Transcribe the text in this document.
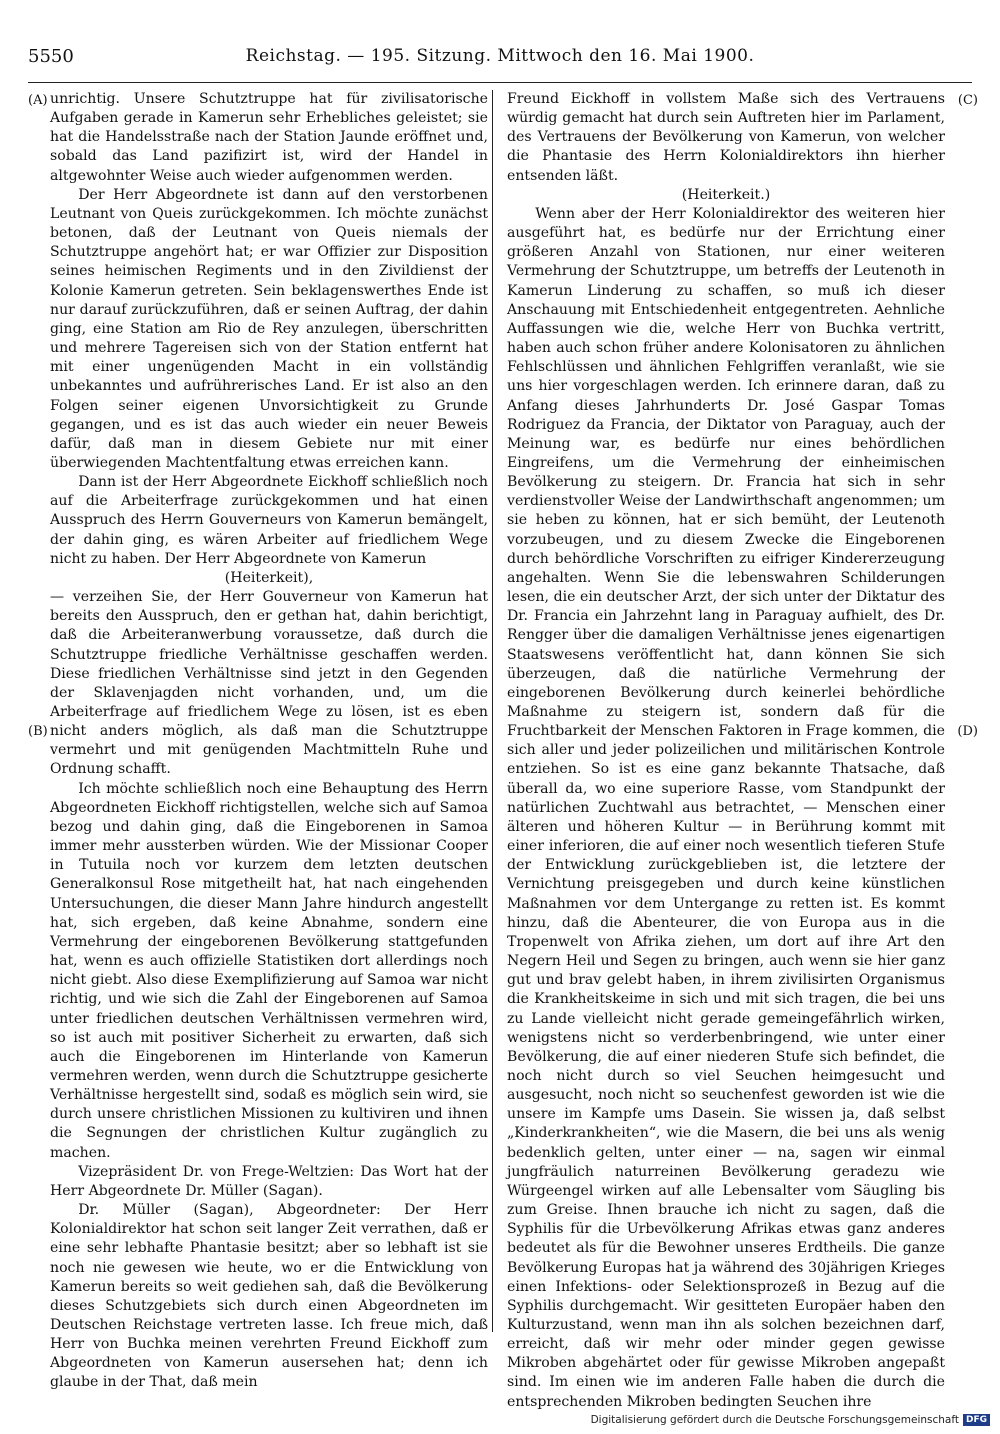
5550	Reichstag. — 195. Sitzung. Mittwoch den 16. Mai 1900.
(A)
(B)
(C)
(D)

unrichtig. Unsere Schutztruppe hat für zivilisatorische Aufgaben gerade in Kamerun sehr Erhebliches geleistet; sie hat die Handelsstraße nach der Station Jaunde eröffnet und, sobald das Land pazifizirt ist, wird der Handel in altgewohnter Weise auch wieder aufgenommen werden.

Der Herr Abgeordnete ist dann auf den verstorbenen Leutnant von Queis zurückgekommen. Ich möchte zunächst betonen, daß der Leutnant von Queis niemals der Schutztruppe angehört hat; er war Offizier zur Disposition seines heimischen Regiments und in den Zivildienst der Kolonie Kamerun getreten. Sein beklagenswerthes Ende ist nur darauf zurückzuführen, daß er seinen Auftrag, der dahin ging, eine Station am Rio de Rey anzulegen, überschritten und mehrere Tagereisen sich von der Station entfernt hat mit einer ungenügenden Macht in ein vollständig unbekanntes und aufrührerisches Land. Er ist also an den Folgen seiner eigenen Unvorsichtigkeit zu Grunde gegangen, und es ist das auch wieder ein neuer Beweis dafür, daß man in diesem Gebiete nur mit einer überwiegenden Machtentfaltung etwas erreichen kann.

Dann ist der Herr Abgeordnete Eickhoff schließlich noch auf die Arbeiterfrage zurückgekommen und hat einen Ausspruch des Herrn Gouverneurs von Kamerun bemängelt, der dahin ging, es wären Arbeiter auf friedlichem Wege nicht zu haben. Der Herr Abgeordnete von Kamerun

(Heiterkeit),

— verzeihen Sie, der Herr Gouverneur von Kamerun hat bereits den Ausspruch, den er gethan hat, dahin berichtigt, daß die Arbeiteranwerbung voraussetze, daß durch die Schutztruppe friedliche Verhältnisse geschaffen werden. Diese friedlichen Verhältnisse sind jetzt in den Gegenden der Sklavenjagden nicht vorhanden, und, um die Arbeiterfrage auf friedlichem Wege zu lösen, ist es eben nicht anders möglich, als daß man die Schutztruppe vermehrt und mit genügenden Machtmitteln Ruhe und Ordnung schafft.

Ich möchte schließlich noch eine Behauptung des Herrn Abgeordneten Eickhoff richtigstellen, welche sich auf Samoa bezog und dahin ging, daß die Eingeborenen in Samoa immer mehr aussterben würden. Wie der Missionar Cooper in Tutuila noch vor kurzem dem letzten deutschen Generalkonsul Rose mitgetheilt hat, hat nach eingehenden Untersuchungen, die dieser Mann Jahre hindurch angestellt hat, sich ergeben, daß keine Abnahme, sondern eine Vermehrung der eingeborenen Bevölkerung stattgefunden hat, wenn es auch offizielle Statistiken dort allerdings noch nicht giebt. Also diese Exemplifizierung auf Samoa war nicht richtig, und wie sich die Zahl der Eingeborenen auf Samoa unter friedlichen deutschen Verhältnissen vermehren wird, so ist auch mit positiver Sicherheit zu erwarten, daß sich auch die Eingeborenen im Hinterlande von Kamerun vermehren werden, wenn durch die Schutztruppe gesicherte Verhältnisse hergestellt sind, sodaß es möglich sein wird, sie durch unsere christlichen Missionen zu kultiviren und ihnen die Segnungen der christlichen Kultur zugänglich zu machen.

Vizepräsident Dr. von Frege-Weltzien: Das Wort hat der Herr Abgeordnete Dr. Müller (Sagan).

Dr. Müller (Sagan), Abgeordneter: Der Herr Kolonialdirektor hat schon seit langer Zeit verrathen, daß er eine sehr lebhafte Phantasie besitzt; aber so lebhaft ist sie noch nie gewesen wie heute, wo er die Entwicklung von Kamerun bereits so weit gediehen sah, daß die Bevölkerung dieses Schutzgebiets sich durch einen Abgeordneten im Deutschen Reichstage vertreten lasse. Ich freue mich, daß Herr von Buchka meinen verehrten Freund Eickhoff zum Abgeordneten von Kamerun ausersehen hat; denn ich glaube in der That, daß mein

Freund Eickhoff in vollstem Maße sich des Vertrauens würdig gemacht hat durch sein Auftreten hier im Parlament, des Vertrauens der Bevölkerung von Kamerun, von welcher die Phantasie des Herrn Kolonialdirektors ihn hierher entsenden läßt.

(Heiterkeit.)

Wenn aber der Herr Kolonialdirektor des weiteren hier ausgeführt hat, es bedürfe nur der Errichtung einer größeren Anzahl von Stationen, nur einer weiteren Vermehrung der Schutztruppe, um betreffs der Leutenoth in Kamerun Linderung zu schaffen, so muß ich dieser Anschauung mit Entschiedenheit entgegentreten. Aehnliche Auffassungen wie die, welche Herr von Buchka vertritt, haben auch schon früher andere Kolonisatoren zu ähnlichen Fehlschlüssen und ähnlichen Fehlgriffen veranlaßt, wie sie uns hier vorgeschlagen werden. Ich erinnere daran, daß zu Anfang dieses Jahrhunderts Dr. José Gaspar Tomas Rodriguez da Francia, der Diktator von Paraguay, auch der Meinung war, es bedürfe nur eines behördlichen Eingreifens, um die Vermehrung der einheimischen Bevölkerung zu steigern. Dr. Francia hat sich in sehr verdienstvoller Weise der Landwirthschaft angenommen; um sie heben zu können, hat er sich bemüht, der Leutenoth vorzubeugen, und zu diesem Zwecke die Eingeborenen durch behördliche Vorschriften zu eifriger Kindererzeugung angehalten. Wenn Sie die lebenswahren Schilderungen lesen, die ein deutscher Arzt, der sich unter der Diktatur des Dr. Francia ein Jahrzehnt lang in Paraguay aufhielt, des Dr. Rengger über die damaligen Verhältnisse jenes eigenartigen Staatswesens veröffentlicht hat, dann können Sie sich überzeugen, daß die natürliche Vermehrung der eingeborenen Bevölkerung durch keinerlei behördliche Maßnahme zu steigern ist, sondern daß für die Fruchtbarkeit der Menschen Faktoren in Frage kommen, die sich aller und jeder polizeilichen und militärischen Kontrole entziehen. So ist es eine ganz bekannte Thatsache, daß überall da, wo eine superiore Rasse, vom Standpunkt der natürlichen Zuchtwahl aus betrachtet, — Menschen einer älteren und höheren Kultur — in Berührung kommt mit einer inferioren, die auf einer noch wesentlich tieferen Stufe der Entwicklung zurückgeblieben ist, die letztere der Vernichtung preisgegeben und durch keine künstlichen Maßnahmen vor dem Untergange zu retten ist. Es kommt hinzu, daß die Abenteurer, die von Europa aus in die Tropenwelt von Afrika ziehen, um dort auf ihre Art den Negern Heil und Segen zu bringen, auch wenn sie hier ganz gut und brav gelebt haben, in ihrem zivilisirten Organismus die Krankheitskeime in sich und mit sich tragen, die bei uns zu Lande vielleicht nicht gerade gemeingefährlich wirken, wenigstens nicht so verderbenbringend, wie unter einer Bevölkerung, die auf einer niederen Stufe sich befindet, die noch nicht durch so viel Seuchen heimgesucht und ausgesucht, noch nicht so seuchenfest geworden ist wie die unsere im Kampfe ums Dasein. Sie wissen ja, daß selbst „Kinderkrankheiten“, wie die Masern, die bei uns als wenig bedenklich gelten, unter einer — na, sagen wir einmal jungfräulich naturreinen Bevölkerung geradezu wie Würgeengel wirken auf alle Lebensalter vom Säugling bis zum Greise. Ihnen brauche ich nicht zu sagen, daß die Syphilis für die Urbevölkerung Afrikas etwas ganz anderes bedeutet als für die Bewohner unseres Erdtheils. Die ganze Bevölkerung Europas hat ja während des 30jährigen Krieges einen Infektions- oder Selektionsprozeß in Bezug auf die Syphilis durchgemacht. Wir gesitteten Europäer haben den Kulturzustand, wenn man ihn als solchen bezeichnen darf, erreicht, daß wir mehr oder minder gegen gewisse Mikroben abgehärtet oder für gewisse Mikroben angepaßt sind. Im einen wie im anderen Falle haben die durch die entsprechenden Mikroben bedingten Seuchen ihre

Digitalisierung gefördert durch die Deutsche Forschungsgemeinschaft DFG
